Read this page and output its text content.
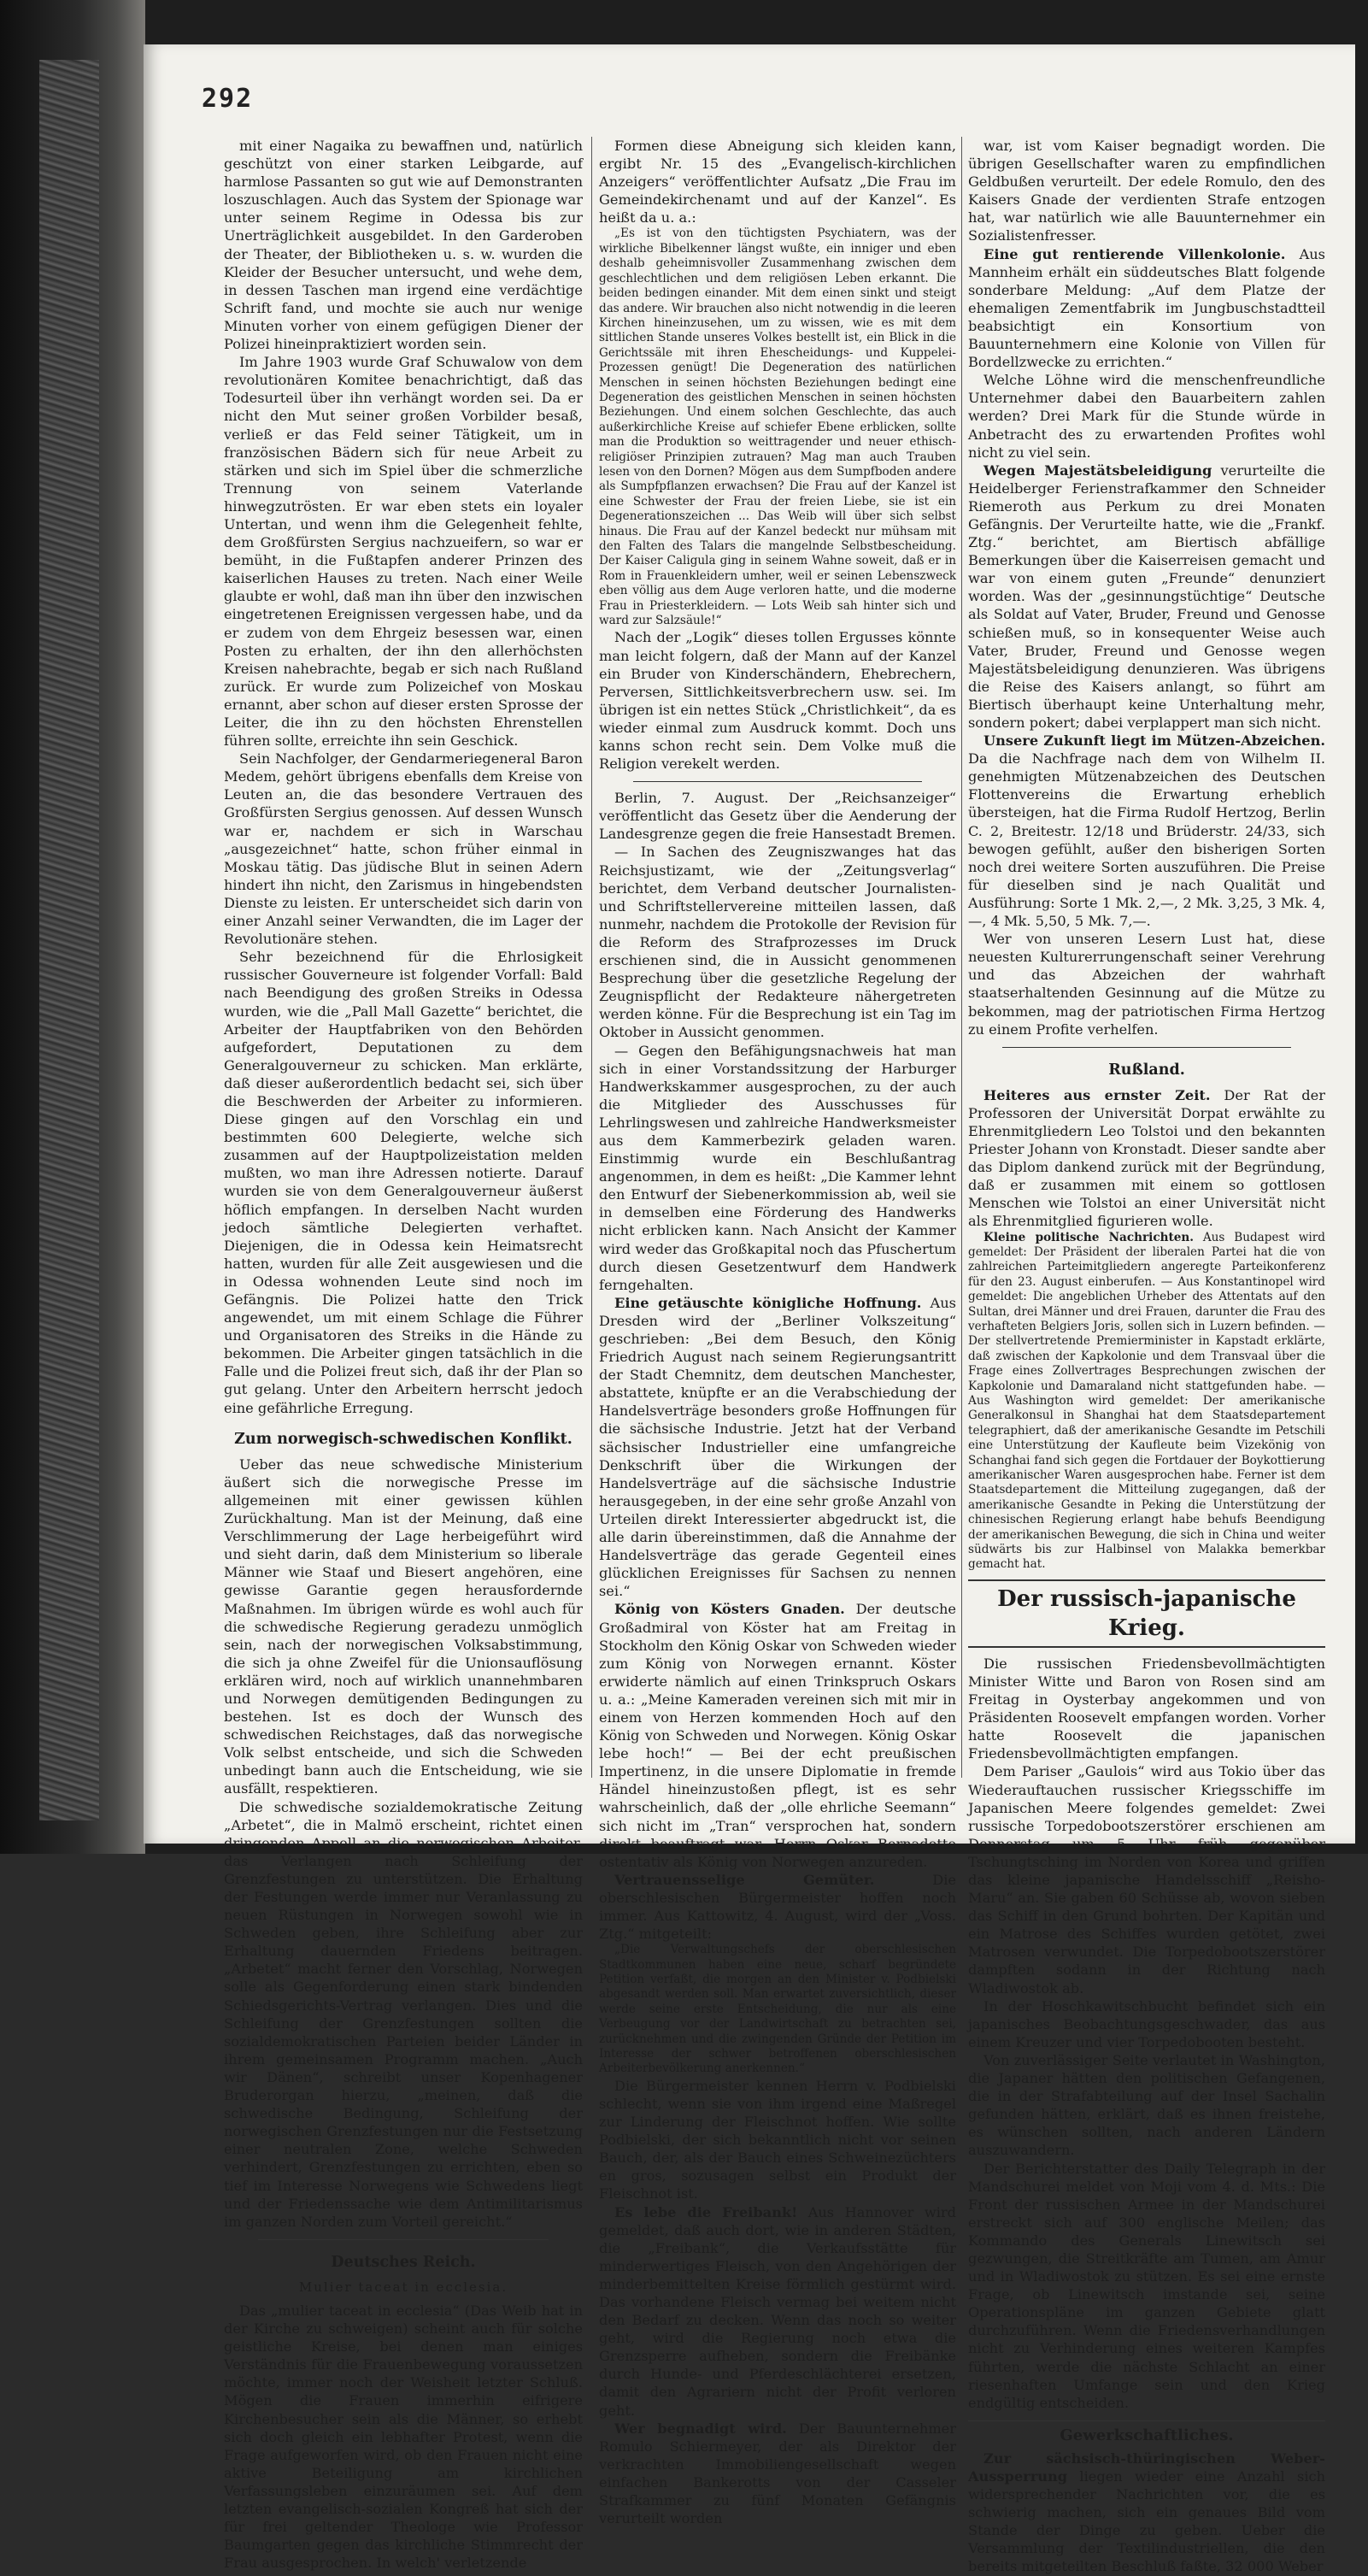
292

mit einer Nagaika zu bewaffnen und, natürlich geschützt von einer starken Leibgarde, auf harmlose Passanten so gut wie auf Demonstranten loszuschlagen. Auch das System der Spionage war unter seinem Regime in Odessa bis zur Unerträglichkeit ausgebildet. In den Garderoben der Theater, der Bibliotheken u. s. w. wurden die Kleider der Besucher untersucht, und wehe dem, in dessen Taschen man irgend eine verdächtige Schrift fand, und mochte sie auch nur wenige Minuten vorher von einem gefügigen Diener der Polizei hineinpraktiziert worden sein.

Im Jahre 1903 wurde Graf Schuwalow von dem revolutionären Komitee benachrichtigt, daß das Todesurteil über ihn verhängt worden sei. Da er nicht den Mut seiner großen Vorbilder besaß, verließ er das Feld seiner Tätigkeit, um in französischen Bädern sich für neue Arbeit zu stärken und sich im Spiel über die schmerzliche Trennung von seinem Vaterlande hinwegzutrösten. Er war eben stets ein loyaler Untertan, und wenn ihm die Gelegenheit fehlte, dem Großfürsten Sergius nachzueifern, so war er bemüht, in die Fußtapfen anderer Prinzen des kaiserlichen Hauses zu treten. Nach einer Weile glaubte er wohl, daß man ihn über den inzwischen eingetretenen Ereignissen vergessen habe, und da er zudem von dem Ehrgeiz besessen war, einen Posten zu erhalten, der ihn den allerhöchsten Kreisen nahebrachte, begab er sich nach Rußland zurück. Er wurde zum Polizeichef von Moskau ernannt, aber schon auf dieser ersten Sprosse der Leiter, die ihn zu den höchsten Ehrenstellen führen sollte, erreichte ihn sein Geschick.

Sein Nachfolger, der Gendarmeriegeneral Baron Medem, gehört übrigens ebenfalls dem Kreise von Leuten an, die das besondere Vertrauen des Großfürsten Sergius genossen. Auf dessen Wunsch war er, nachdem er sich in Warschau „ausgezeichnet“ hatte, schon früher einmal in Moskau tätig. Das jüdische Blut in seinen Adern hindert ihn nicht, den Zarismus in hingebendsten Dienste zu leisten. Er unterscheidet sich darin von einer Anzahl seiner Verwandten, die im Lager der Revolutionäre stehen.

Sehr bezeichnend für die Ehrlosigkeit russischer Gouverneure ist folgender Vorfall: Bald nach Beendigung des großen Streiks in Odessa wurden, wie die „Pall Mall Gazette“ berichtet, die Arbeiter der Hauptfabriken von den Behörden aufgefordert, Deputationen zu dem Generalgouverneur zu schicken. Man erklärte, daß dieser außerordentlich bedacht sei, sich über die Beschwerden der Arbeiter zu informieren. Diese gingen auf den Vorschlag ein und bestimmten 600 Delegierte, welche sich zusammen auf der Hauptpolizeistation melden mußten, wo man ihre Adressen notierte. Darauf wurden sie von dem Generalgouverneur äußerst höflich empfangen. In derselben Nacht wurden jedoch sämtliche Delegierten verhaftet. Diejenigen, die in Odessa kein Heimatsrecht hatten, wurden für alle Zeit ausgewiesen und die in Odessa wohnenden Leute sind noch im Gefängnis. Die Polizei hatte den Trick angewendet, um mit einem Schlage die Führer und Organisatoren des Streiks in die Hände zu bekommen. Die Arbeiter gingen tatsächlich in die Falle und die Polizei freut sich, daß ihr der Plan so gut gelang. Unter den Arbeitern herrscht jedoch eine gefährliche Erregung.

Zum norwegisch-schwedischen Konflikt.

Ueber das neue schwedische Ministerium äußert sich die norwegische Presse im allgemeinen mit einer gewissen kühlen Zurückhaltung. Man ist der Meinung, daß eine Verschlimmerung der Lage herbeigeführt wird und sieht darin, daß dem Ministerium so liberale Männer wie Staaf und Biesert angehören, eine gewisse Garantie gegen herausfordernde Maßnahmen. Im übrigen würde es wohl auch für die schwedische Regierung geradezu unmöglich sein, nach der norwegischen Volksabstimmung, die sich ja ohne Zweifel für die Unionsauflösung erklären wird, noch auf wirklich unannehmbaren und Norwegen demütigenden Bedingungen zu bestehen. Ist es doch der Wunsch des schwedischen Reichstages, daß das norwegische Volk selbst entscheide, und sich die Schweden unbedingt bann auch die Entscheidung, wie sie ausfällt, respektieren.

Die schwedische sozialdemokratische Zeitung „Arbetet“, die in Malmö erscheint, richtet einen dringenden Appell an die norwegischen Arbeiter, das Verlangen nach Schleifung der Grenzfestungen zu unterstützen. Die Erhaltung der Festungen werde immer nur Veranlassung zu neuen Rüstungen in Norwegen sowohl wie in Schweden geben, ihre Schleifung aber zur Erhaltung dauernden Friedens beitragen. „Arbetet“ macht ferner den Vorschlag, Norwegen solle als Gegenforderung einen stark bindenden Schiedsgerichts-Vertrag verlangen. Dies und die Schleifung der Grenzfestungen sollten die sozialdemokratischen Parteien beider Länder in ihrem gemeinsamen Programm machen. „Auch wir Dänen“, schreibt unser Kopenhagener Bruderorgan hierzu, „meinen, daß die schwedische Bedingung, Schleifung der norwegischen Grenzfestungen nur die Festsetzung einer neutralen Zone, welche Schweden verhindert, Grenzfestungen zu errichten, eben so tief im Interesse Norwegens wie Schwedens liegt und der Friedenssache wie dem Antimilitarismus im ganzen Norden zum Vorteil gereicht.“

Deutsches Reich.
Mulier taceat in ecclesia.

Das „mulier taceat in ecclesia“ (Das Weib hat in der Kirche zu schweigen) scheint auch für solche geistliche Kreise, bei denen man einiges Verständnis für die Frauenbewegung voraussetzen möchte, immer noch der Weisheit letzter Schluß. Mögen die Frauen immerhin eifrigere Kirchenbesucher sein als die Männer, so erhebt sich doch gleich ein lebhafter Protest, wenn die Frage aufgeworfen wird, ob den Frauen nicht eine aktive Beteiligung am kirchlichen Verfassungsleben einzuräumen sei. Auf dem letzten evangelisch-sozialen Kongreß hat sich der für frei geltender Theologe wie Professor Baumgarten gegen das kirchliche Stimmrecht der Frau ausgesprochen. In welch' verletzende

Formen diese Abneigung sich kleiden kann, ergibt Nr. 15 des „Evangelisch-kirchlichen Anzeigers“ veröffentlichter Aufsatz „Die Frau im Gemeindekirchenamt und auf der Kanzel“. Es heißt da u. a.:

„Es ist von den tüchtigsten Psychiatern, was der wirkliche Bibelkenner längst wußte, ein inniger und eben deshalb geheimnisvoller Zusammenhang zwischen dem geschlechtlichen und dem religiösen Leben erkannt. Die beiden bedingen einander. Mit dem einen sinkt und steigt das andere. Wir brauchen also nicht notwendig in die leeren Kirchen hineinzusehen, um zu wissen, wie es mit dem sittlichen Stande unseres Volkes bestellt ist, ein Blick in die Gerichtssäle mit ihren Ehescheidungs- und Kuppelei-Prozessen genügt! Die Degeneration des natürlichen Menschen in seinen höchsten Beziehungen bedingt eine Degeneration des geistlichen Menschen in seinen höchsten Beziehungen. Und einem solchen Geschlechte, das auch außerkirchliche Kreise auf schiefer Ebene erblicken, sollte man die Produktion so weittragender und neuer ethisch-religiöser Prinzipien zutrauen? Mag man auch Trauben lesen von den Dornen? Mögen aus dem Sumpfboden andere als Sumpfpflanzen erwachsen? Die Frau auf der Kanzel ist eine Schwester der Frau der freien Liebe, sie ist ein Degenerationszeichen ... Das Weib will über sich selbst hinaus. Die Frau auf der Kanzel bedeckt nur mühsam mit den Falten des Talars die mangelnde Selbstbescheidung. Der Kaiser Caligula ging in seinem Wahne soweit, daß er in Rom in Frauenkleidern umher, weil er seinen Lebenszweck eben völlig aus dem Auge verloren hatte, und die moderne Frau in Priesterkleidern. — Lots Weib sah hinter sich und ward zur Salzsäule!“

Nach der „Logik“ dieses tollen Ergusses könnte man leicht folgern, daß der Mann auf der Kanzel ein Bruder von Kinderschändern, Ehebrechern, Perversen, Sittlichkeitsverbrechern usw. sei. Im übrigen ist ein nettes Stück „Christlichkeit“, da es wieder einmal zum Ausdruck kommt. Doch uns kanns schon recht sein. Dem Volke muß die Religion verekelt werden.

Berlin, 7. August. Der „Reichsanzeiger“ veröffentlicht das Gesetz über die Aenderung der Landesgrenze gegen die freie Hansestadt Bremen.

— In Sachen des Zeugniszwanges hat das Reichsjustizamt, wie der „Zeitungsverlag“ berichtet, dem Verband deutscher Journalisten- und Schriftstellervereine mitteilen lassen, daß nunmehr, nachdem die Protokolle der Revision für die Reform des Strafprozesses im Druck erschienen sind, die in Aussicht genommenen Besprechung über die gesetzliche Regelung der Zeugnispflicht der Redakteure nähergetreten werden könne. Für die Besprechung ist ein Tag im Oktober in Aussicht genommen.

— Gegen den Befähigungsnachweis hat man sich in einer Vorstandssitzung der Harburger Handwerkskammer ausgesprochen, zu der auch die Mitglieder des Ausschusses für Lehrlingswesen und zahlreiche Handwerksmeister aus dem Kammerbezirk geladen waren. Einstimmig wurde ein Beschlußantrag angenommen, in dem es heißt: „Die Kammer lehnt den Entwurf der Siebenerkommission ab, weil sie in demselben eine Förderung des Handwerks nicht erblicken kann. Nach Ansicht der Kammer wird weder das Großkapital noch das Pfuschertum durch diesen Gesetzentwurf dem Handwerk ferngehalten.

Eine getäuschte königliche Hoffnung. Aus Dresden wird der „Berliner Volkszeitung“ geschrieben: „Bei dem Besuch, den König Friedrich August nach seinem Regierungsantritt der Stadt Chemnitz, dem deutschen Manchester, abstattete, knüpfte er an die Verabschiedung der Handelsverträge besonders große Hoffnungen für die sächsische Industrie. Jetzt hat der Verband sächsischer Industrieller eine umfangreiche Denkschrift über die Wirkungen der Handelsverträge auf die sächsische Industrie herausgegeben, in der eine sehr große Anzahl von Urteilen direkt Interessierter abgedruckt ist, die alle darin übereinstimmen, daß die Annahme der Handelsverträge das gerade Gegenteil eines glücklichen Ereignisses für Sachsen zu nennen sei.“

König von Kösters Gnaden. Der deutsche Großadmiral von Köster hat am Freitag in Stockholm den König Oskar von Schweden wieder zum König von Norwegen ernannt. Köster erwiderte nämlich auf einen Trinkspruch Oskars u. a.: „Meine Kameraden vereinen sich mit mir in einem von Herzen kommenden Hoch auf den König von Schweden und Norwegen. König Oskar lebe hoch!“ — Bei der echt preußischen Impertinenz, in die unsere Diplomatie in fremde Händel hineinzustoßen pflegt, ist es sehr wahrscheinlich, daß der „olle ehrliche Seemann“ sich nicht im „Tran“ versprochen hat, sondern direkt beauftragt war, Herrn Oskar Bernadotte ostentativ als König von Norwegen anzureden.

Vertrauensselige Gemüter. Die oberschlesischen Bürgermeister hoffen noch immer. Aus Kattowitz, 4. August, wird der „Voss. Ztg.“ mitgeteilt:

„Die Verwaltungschefs der oberschlesischen Stadtkommunen haben eine neue, scharf begründete Petition verfaßt, die morgen an den Minister v. Podbielski abgesandt werden soll. Man erwartet zuversichtlich, dieser werde seine erste Entscheidung, die nur als eine Verbeugung vor der Landwirtschaft zu betrachten sei, zurücknehmen und die zwingenden Gründe der Petition im Interesse der schwer betroffenen oberschlesischen Arbeiterbevölkerung anerkennen.“

Die Bürgermeister kennen Herrn v. Podbielski schlecht, wenn sie von ihm irgend eine Maßregel zur Linderung der Fleischnot hoffen. Wie sollte Podbielski, der sich bekanntlich nicht vor seinen Bauch, der, als der Bauch eines Schweinezüchters en gros, sozusagen selbst ein Produkt der Fleischnot ist.

Es lebe die Freibank! Aus Hannover wird gemeldet, daß auch dort, wie in anderen Städten, die „Freibank“, die Verkaufsstätte für minderwertiges Fleisch, von den Angehörigen der minderbemittelten Kreise förmlich gestürmt wird. Das vorhandene Fleisch vermag bei weitem nicht den Bedarf zu decken. Wenn das noch so weiter geht, wird die Regierung noch etwa die Grenzsperre aufheben, sondern die Freibänke durch Hunde- und Pferdeschlächterei ersetzen, damit den Agrariern nicht der Profit verloren geht.

Wer begnadigt wird. Der Bauunternehmer Romulo Schiermeyer, der als Direktor der verkrachten Immobiliengesellschaft wegen einfachen Bankerotts von der Casseler Strafkammer zu fünf Monaten Gefängnis verurteilt worden

war, ist vom Kaiser begnadigt worden. Die übrigen Gesellschafter waren zu empfindlichen Geldbußen verurteilt. Der edele Romulo, den des Kaisers Gnade der verdienten Strafe entzogen hat, war natürlich wie alle Bauunternehmer ein Sozialistenfresser.

Eine gut rentierende Villenkolonie. Aus Mannheim erhält ein süddeutsches Blatt folgende sonderbare Meldung: „Auf dem Platze der ehemaligen Zementfabrik im Jungbuschstadtteil beabsichtigt ein Konsortium von Bauunternehmern eine Kolonie von Villen für Bordellzwecke zu errichten.“

Welche Löhne wird die menschenfreundliche Unternehmer dabei den Bauarbeitern zahlen werden? Drei Mark für die Stunde würde in Anbetracht des zu erwartenden Profites wohl nicht zu viel sein.

Wegen Majestätsbeleidigung verurteilte die Heidelberger Ferienstrafkammer den Schneider Riemeroth aus Perkum zu drei Monaten Gefängnis. Der Verurteilte hatte, wie die „Frankf. Ztg.“ berichtet, am Biertisch abfällige Bemerkungen über die Kaiserreisen gemacht und war von einem guten „Freunde“ denunziert worden. Was der „gesinnungstüchtige“ Deutsche als Soldat auf Vater, Bruder, Freund und Genosse schießen muß, so in konsequenter Weise auch Vater, Bruder, Freund und Genosse wegen Majestätsbeleidigung denunzieren. Was übrigens die Reise des Kaisers anlangt, so führt am Biertisch überhaupt keine Unterhaltung mehr, sondern pokert; dabei verplappert man sich nicht.

Unsere Zukunft liegt im Mützen-Abzeichen. Da die Nachfrage nach dem von Wilhelm II. genehmigten Mützenabzeichen des Deutschen Flottenvereins die Erwartung erheblich übersteigen, hat die Firma Rudolf Hertzog, Berlin C. 2, Breitestr. 12/18 und Brüderstr. 24/33, sich bewogen gefühlt, außer den bisherigen Sorten noch drei weitere Sorten auszuführen. Die Preise für dieselben sind je nach Qualität und Ausführung: Sorte 1 Mk. 2,—, 2 Mk. 3,25, 3 Mk. 4,—, 4 Mk. 5,50, 5 Mk. 7,—.

Wer von unseren Lesern Lust hat, diese neuesten Kulturerrungenschaft seiner Verehrung und das Abzeichen der wahrhaft staatserhaltenden Gesinnung auf die Mütze zu bekommen, mag der patriotischen Firma Hertzog zu einem Profite verhelfen.

Rußland.

Heiteres aus ernster Zeit. Der Rat der Professoren der Universität Dorpat erwählte zu Ehrenmitgliedern Leo Tolstoi und den bekannten Priester Johann von Kronstadt. Dieser sandte aber das Diplom dankend zurück mit der Begründung, daß er zusammen mit einem so gottlosen Menschen wie Tolstoi an einer Universität nicht als Ehrenmitglied figurieren wolle.

Kleine politische Nachrichten. Aus Budapest wird gemeldet: Der Präsident der liberalen Partei hat die von zahlreichen Parteimitgliedern angeregte Parteikonferenz für den 23. August einberufen. — Aus Konstantinopel wird gemeldet: Die angeblichen Urheber des Attentats auf den Sultan, drei Männer und drei Frauen, darunter die Frau des verhafteten Belgiers Joris, sollen sich in Luzern befinden. — Der stellvertretende Premierminister in Kapstadt erklärte, daß zwischen der Kapkolonie und dem Transvaal über die Frage eines Zollvertrages Besprechungen zwischen der Kapkolonie und Damaraland nicht stattgefunden habe. — Aus Washington wird gemeldet: Der amerikanische Generalkonsul in Shanghai hat dem Staatsdepartement telegraphiert, daß der amerikanische Gesandte im Petschili eine Unterstützung der Kaufleute beim Vizekönig von Schanghai fand sich gegen die Fortdauer der Boykottierung amerikanischer Waren ausgesprochen habe. Ferner ist dem Staatsdepartement die Mitteilung zugegangen, daß der amerikanische Gesandte in Peking die Unterstützung der chinesischen Regierung erlangt habe behufs Beendigung der amerikanischen Bewegung, die sich in China und weiter südwärts bis zur Halbinsel von Malakka bemerkbar gemacht hat.

Der russisch-japanische Krieg.

Die russischen Friedensbevollmächtigten Minister Witte und Baron von Rosen sind am Freitag in Oysterbay angekommen und von Präsidenten Roosevelt empfangen worden. Vorher hatte Roosevelt die japanischen Friedensbevollmächtigten empfangen.

Dem Pariser „Gaulois“ wird aus Tokio über das Wiederauftauchen russischer Kriegsschiffe im Japanischen Meere folgendes gemeldet: Zwei russische Torpedobootszerstörer erschienen am Donnerstag um 5 Uhr früh gegenüber Tschungtsching im Norden von Korea und griffen das kleine japanische Handelsschiff „Reisho-Maru“ an. Sie gaben 60 Schüsse ab, wovon sieben das Schiff in den Grund bohrten. Der Kapitän und ein Matrose des Schiffes wurden getötet, zwei Matrosen verwundet. Die Torpedobootszerstörer dampften sodann in der Richtung nach Wladiwostok ab.

In der Hoschkawitschbucht befindet sich ein japanisches Beobachtungsgeschwader, das aus einem Kreuzer und vier Torpedobooten besteht.

Von zuverlässiger Seite verlautet in Washington, die Japaner hätten den politischen Gefangenen, die in der Strafabteilung auf der Insel Sachalin gefunden hätten, erklärt, daß es ihnen freistehe, es wünschen sollten, nach anderen Ländern auszuwandern.

Der Berichterstatter des Daily Telegraph in der Mandschurei meldet von Moji vom 4. d. Mts.: Die Front der russischen Armee in der Mandschurei erstreckt sich auf 300 englische Meilen; das Kommando des Generals Linewitsch sei gezwungen, die Streitkräfte am Tumen, am Amur und in Wladiwostok zu stützen. Es sei eine ernste Frage, ob Linewitsch imstande sei, seine Operationspläne im ganzen Gebiete glatt durchzuführen. Wenn die Friedensverhandlungen nicht zu Verhinderung eines weiteren Kampfes führten, werde die nächste Schlacht an einer riesenhaften Umfange sein und den Krieg endgültig entscheiden.

Gewerkschaftliches.

Zur sächsisch-thüringischen Weber-Aussperrung liegen wieder eine Anzahl sich widersprechender Nachrichten vor, die es schwierig machen, sich ein genaues Bild vom Stande der Dinge zu geben. Ueber die Versammlung der Textilindustriellen, die den bereits mitgeteilten Beschluß faßte, 32 000 Weber
